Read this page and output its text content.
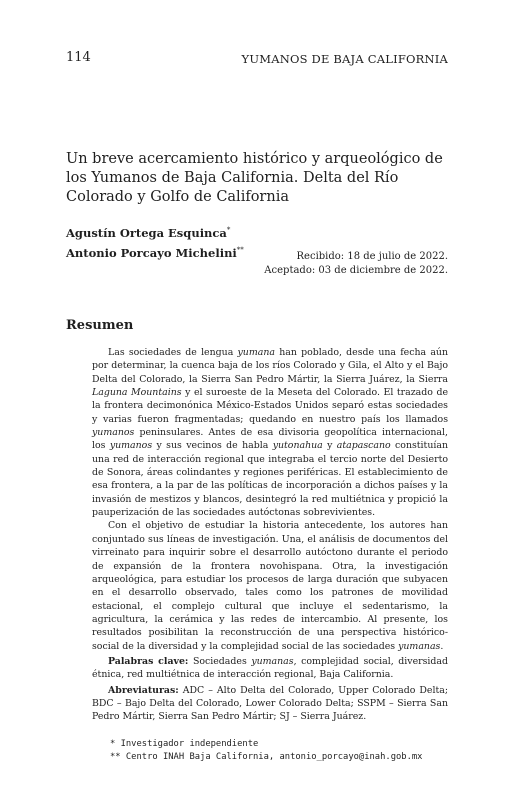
114	YUMANOS DE BAJA CALIFORNIA
Un breve acercamiento histórico y arqueológico de los Yumanos de Baja California. Delta del Río Colorado y Golfo de California
Agustín Ortega Esquinca*
Antonio Porcayo Michelini**
Recibido: 18 de julio de 2022.
Aceptado: 03 de diciembre de 2022.
Resumen

Las sociedades de lengua yumana han poblado, desde una fecha aún por determinar, la cuenca baja de los ríos Colorado y Gila, el Alto y el Bajo Delta del Colorado, la Sierra San Pedro Mártir, la Sierra Juárez, la Sierra Laguna Mountains y el suroeste de la Meseta del Colorado. El trazado de la frontera decimonónica México-Estados Unidos separó estas sociedades y varias fueron fragmentadas; quedando en nuestro país los llamados yumanos peninsulares. Antes de esa divisoria geopolítica internacional, los yumanos y sus vecinos de habla yutonahua y atapascano constituían una red de interacción regional que integraba el tercio norte del Desierto de Sonora, áreas colindantes y regiones periféricas. El establecimiento de esa frontera, a la par de las políticas de incorporación a dichos países y la invasión de mestizos y blancos, desintegró la red multiétnica y propició la pauperización de las sociedades autóctonas sobrevivientes.

Con el objetivo de estudiar la historia antecedente, los autores han conjuntado sus líneas de investigación. Una, el análisis de documentos del virreinato para inquirir sobre el desarrollo autóctono durante el periodo de expansión de la frontera novohispana. Otra, la investigación arqueológica, para estudiar los procesos de larga duración que subyacen en el desarrollo observado, tales como los patrones de movilidad estacional, el complejo cultural que incluye el sedentarismo, la agricultura, la cerámica y las redes de intercambio. Al presente, los resultados posibilitan la reconstrucción de una perspectiva histórico-social de la diversidad y la complejidad social de las sociedades yumanas.

Palabras clave: Sociedades yumanas, complejidad social, diversidad étnica, red multiétnica de interacción regional, Baja California.

Abreviaturas: ADC – Alto Delta del Colorado, Upper Colorado Delta; BDC – Bajo Delta del Colorado, Lower Colorado Delta; SSPM – Sierra San Pedro Mártir, Sierra San Pedro Mártir; SJ – Sierra Juárez.

* Investigador independiente
** Centro INAH Baja California, antonio_porcayo@inah.gob.mx
